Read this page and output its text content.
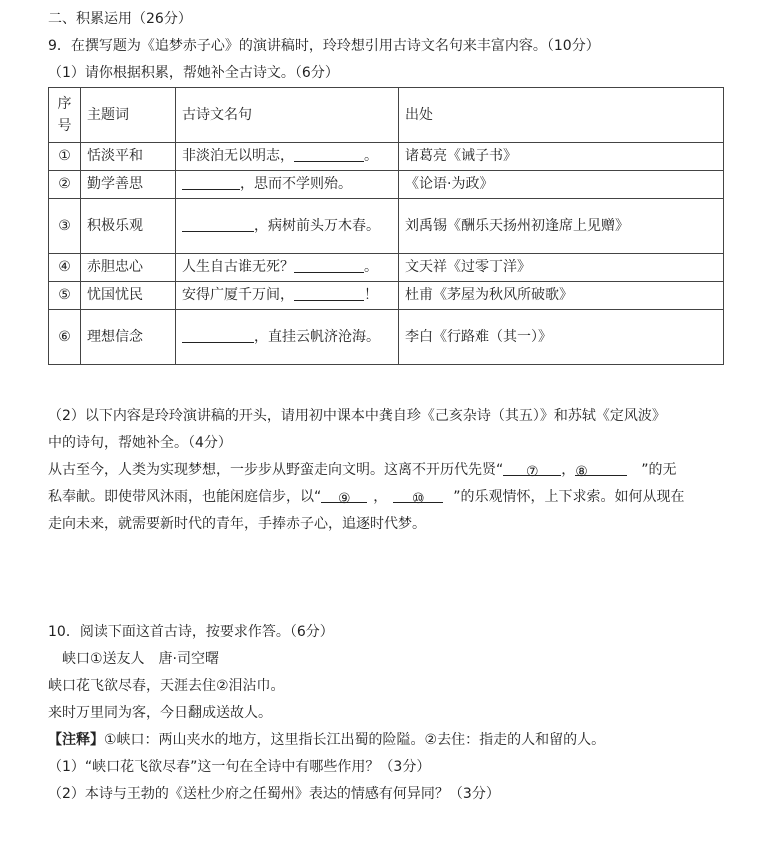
二、积累运用（26分）
9．在撰写题为《追梦赤子心》的演讲稿时，玲玲想引用古诗文名句来丰富内容。（10分）
（1）请你根据积累，帮她补全古诗文。（6分）
序号	主题词	古诗文名句	出处
①	恬淡平和	非淡泊无以明志， 。	诸葛亮《诫子书》
②	勤学善思	，思而不学则殆。	《论语·为政》
③	积极乐观	，病树前头万木春。	刘禹锡《酬乐天扬州初逢席上见赠》
④	赤胆忠心	人生自古谁无死？ 。	文天祥《过零丁洋》
⑤	忧国忧民	安得广厦千万间， ！	杜甫《茅屋为秋风所破歌》
⑥	理想信念	，直挂云帆济沧海。	李白《行路难（其一）》
（2）以下内容是玲玲演讲稿的开头，请用初中课本中龚自珍《己亥杂诗（其五）》和苏轼《定风波》
中的诗句，帮她补全。（4分）
从古至今，人类为实现梦想，一步步从野蛮走向文明。这离不开历代先贤“ ⑦ ，⑧	”的无
私奉献。即使带风沐雨，也能闲庭信步，以“ ⑨ ， ⑩ ”的乐观情怀，上下求索。如何从现在
走向未来，就需要新时代的青年，手捧赤子心，追逐时代梦。
10．阅读下面这首古诗，按要求作答。（6分）
峡口①送友人　唐·司空曙
峡口花飞欲尽春，天涯去住②泪沾巾。
来时万里同为客，今日翻成送故人。
【注释】①峡口：两山夹水的地方，这里指长江出蜀的险隘。②去住：指走的人和留的人。
（1）“峡口花飞欲尽春”这一句在全诗中有哪些作用？（3分）
（2）本诗与王勃的《送杜少府之任蜀州》表达的情感有何异同？（3分）
